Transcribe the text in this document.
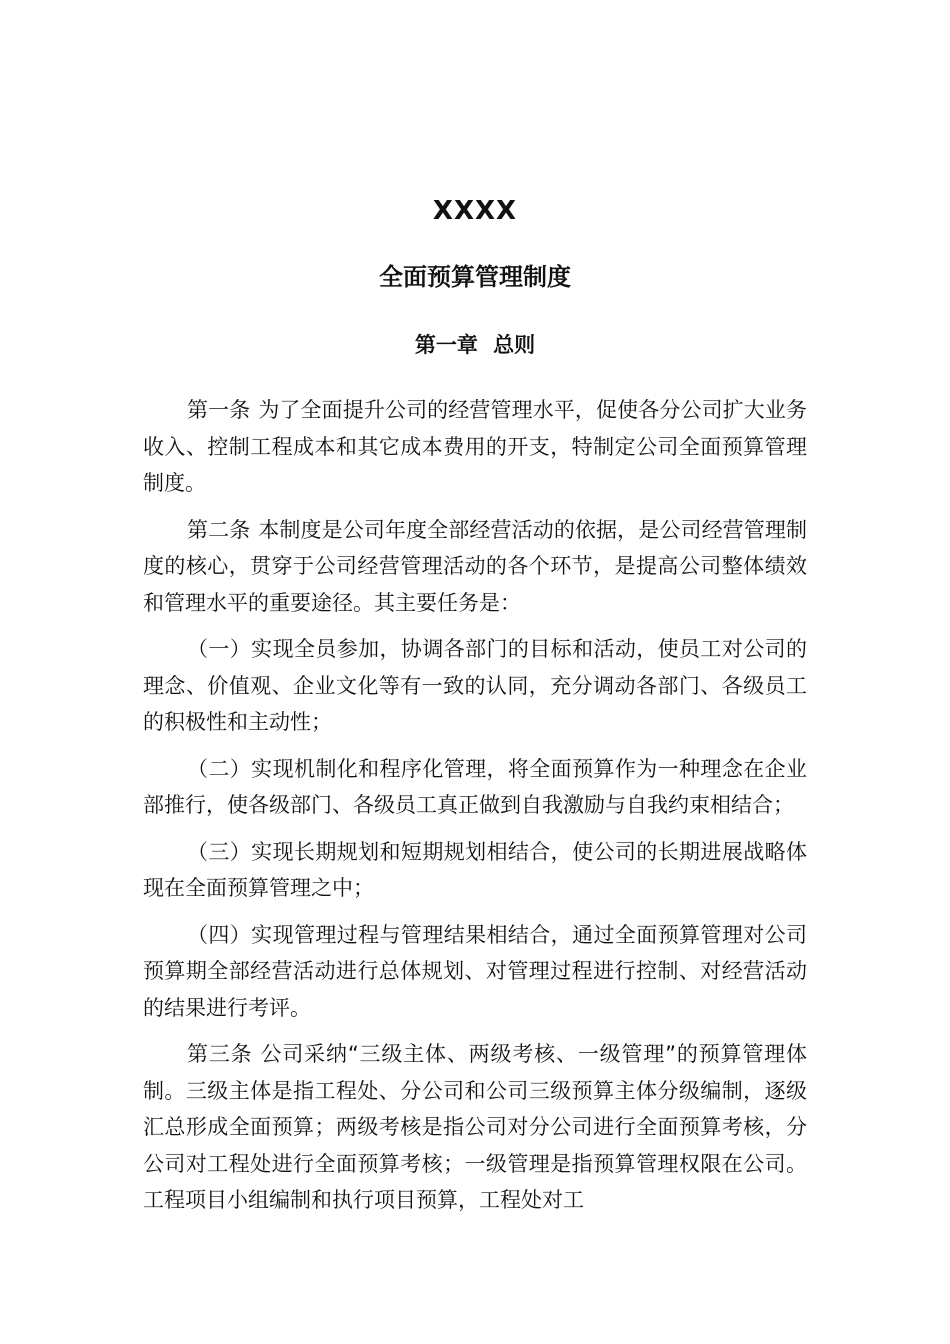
XXXX
全面预算管理制度
第一章 总则

第一条 为了全面提升公司的经营管理水平，促使各分公司扩大业务收入、控制工程成本和其它成本费用的开支，特制定公司全面预算管理制度。

第二条 本制度是公司年度全部经营活动的依据，是公司经营管理制度的核心，贯穿于公司经营管理活动的各个环节，是提高公司整体绩效和管理水平的重要途径。其主要任务是：

（一）实现全员参加，协调各部门的目标和活动，使员工对公司的理念、价值观、企业文化等有一致的认同，充分调动各部门、各级员工的积极性和主动性；

（二）实现机制化和程序化管理，将全面预算作为一种理念在企业部推行，使各级部门、各级员工真正做到自我激励与自我约束相结合；

（三）实现长期规划和短期规划相结合，使公司的长期进展战略体现在全面预算管理之中；

（四）实现管理过程与管理结果相结合，通过全面预算管理对公司预算期全部经营活动进行总体规划、对管理过程进行控制、对经营活动的结果进行考评。

第三条 公司采纳“三级主体、两级考核、一级管理”的预算管理体制。三级主体是指工程处、分公司和公司三级预算主体分级编制，逐级汇总形成全面预算；两级考核是指公司对分公司进行全面预算考核，分公司对工程处进行全面预算考核；一级管理是指预算管理权限在公司。工程项目小组编制和执行项目预算，工程处对工
